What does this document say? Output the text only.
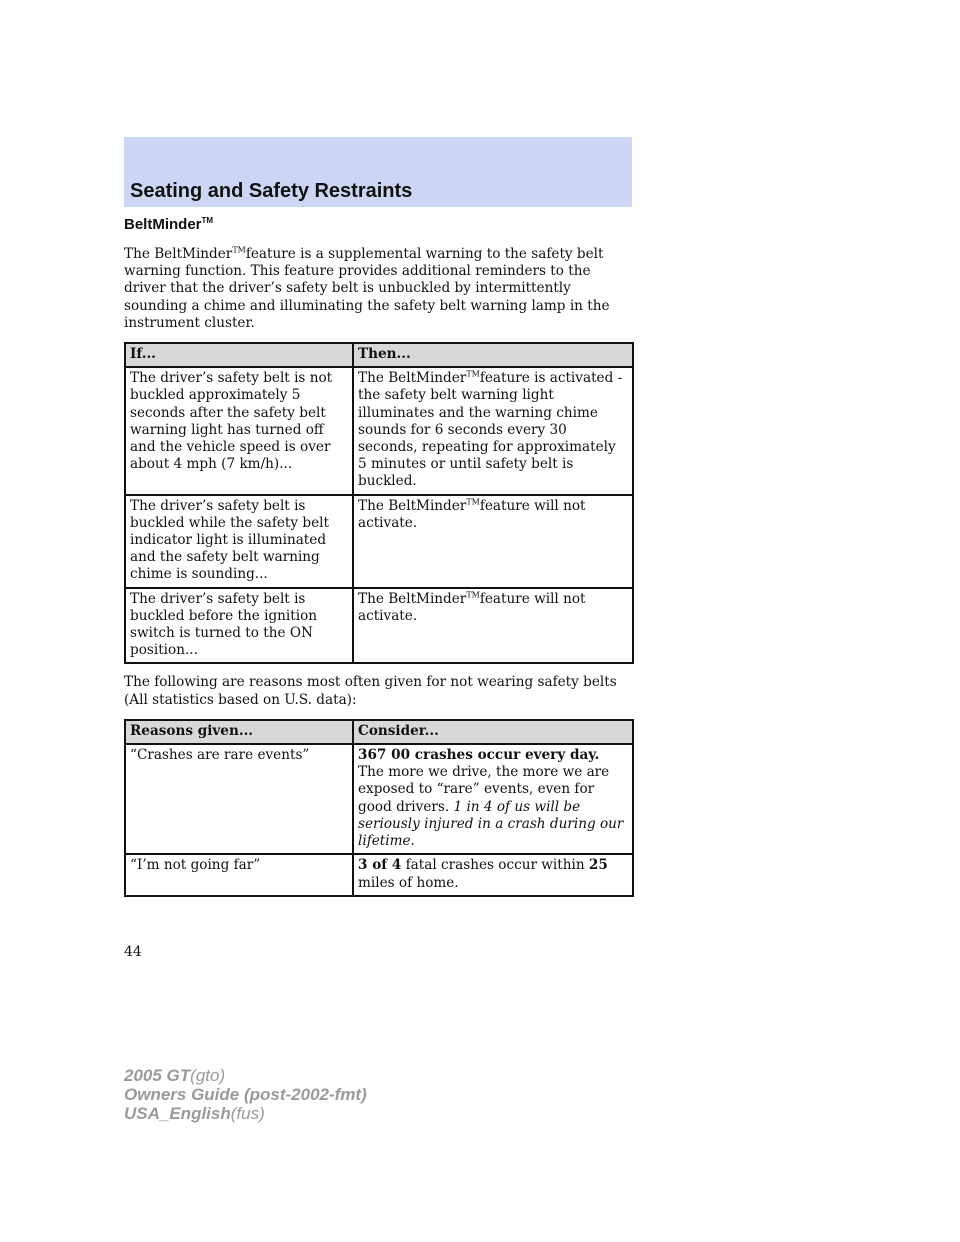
Seating and Safety Restraints
BeltMinder™

The BeltMinder™feature is a supplemental warning to the safety belt warning function. This feature provides additional reminders to the driver that the driver’s safety belt is unbuckled by intermittently sounding a chime and illuminating the safety belt warning lamp in the instrument cluster.

If...	Then...
The driver’s safety belt is not buckled approximately 5 seconds after the safety belt warning light has turned off and the vehicle speed is over about 4 mph (7 km/h)...	The BeltMinder™feature is activated - the safety belt warning light illuminates and the warning chime sounds for 6 seconds every 30 seconds, repeating for approximately 5 minutes or until safety belt is buckled.
The driver’s safety belt is buckled while the safety belt indicator light is illuminated and the safety belt warning chime is sounding...	The BeltMinder™feature will not activate.
The driver’s safety belt is buckled before the ignition switch is turned to the ON position...	The BeltMinder™feature will not activate.

The following are reasons most often given for not wearing safety belts (All statistics based on U.S. data):

Reasons given...	Consider...
“Crashes are rare events”	367 00 crashes occur every day. The more we drive, the more we are exposed to “rare” events, even for good drivers. 1 in 4 of us will be seriously injured in a crash during our lifetime.
“I’m not going far”	3 of 4 fatal crashes occur within 25 miles of home.
44
2005 GT(gto)
Owners Guide (post-2002-fmt)
USA_English(fus)
